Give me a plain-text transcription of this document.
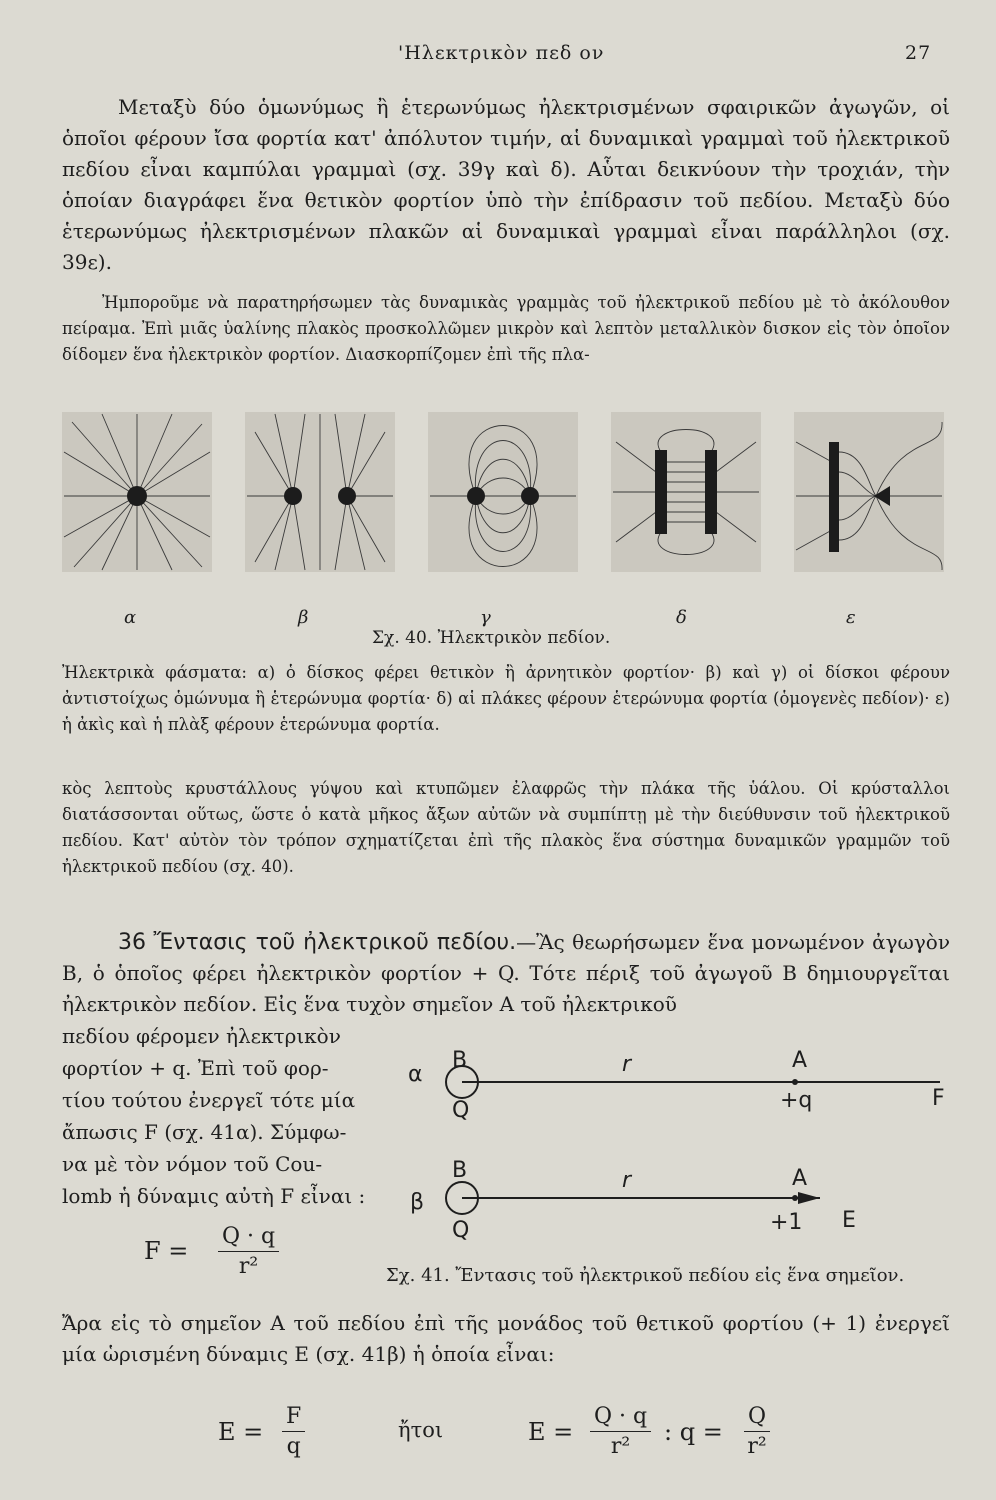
'Ηλεκτρικὸν πεδ ον	27
Μεταξὺ δύο ὁμωνύμως ἢ ἑτερωνύμως ἠλεκτρισμένων σφαιρικῶν ἀγωγῶν, οἱ ὁποῖοι φέρουν ἴσα φορτία κατ' ἀπόλυτον τιμήν, αἱ δυναμικαὶ γραμμαὶ τοῦ ἠλεκτρικοῦ πεδίου εἶναι καμπύλαι γραμμαὶ (σχ. 39γ καὶ δ). Αὗται δεικνύουν τὴν τροχιάν, τὴν ὁποίαν διαγράφει ἕνα θετικὸν φορτίον ὑπὸ τὴν ἐπίδρασιν τοῦ πεδίου. Μεταξὺ δύο ἑτερωνύμως ἠλεκτρισμένων πλακῶν αἱ δυναμικαὶ γραμμαὶ εἶναι παράλληλοι (σχ. 39ε).
Ἠμποροῦμε νὰ παρατηρήσωμεν τὰς δυναμικὰς γραμμὰς τοῦ ἠλεκτρικοῦ πεδίου μὲ τὸ ἀκόλουθον πείραμα. Ἐπὶ μιᾶς ὑαλίνης πλακὸς προσκολλῶμεν μικρὸν καὶ λεπτὸν μεταλλικὸν δισκον εἰς τὸν ὁποῖον δίδομεν ἕνα ἠλεκτρικὸν φορτίον. Διασκορπίζομεν ἐπὶ τῆς πλα-
α	β	γ	δ	ε
Σχ. 40. Ἠλεκτρικὸν πεδίον.
Ἠλεκτρικὰ φάσματα: α) ὁ δίσκος φέρει θετικὸν ἢ ἀρνητικὸν φορτίον· β) καὶ γ) οἱ δίσκοι φέρουν ἀντιστοίχως ὁμώνυμα ἢ ἑτερώνυμα φορτία· δ) αἱ πλάκες φέρουν ἑτερώνυμα φορτία (ὁμογενὲς πεδίον)· ε) ἡ ἀκὶς καὶ ἡ πλὰξ φέρουν ἑτερώνυμα φορτία.
κὸς λεπτοὺς κρυστάλλους γύψου καὶ κτυπῶμεν ἐλαφρῶς τὴν πλάκα τῆς ὑάλου. Οἱ κρύσταλλοι διατάσσονται οὕτως, ὥστε ὁ κατὰ μῆκος ἄξων αὐτῶν νὰ συμπίπτῃ μὲ τὴν διεύθυνσιν τοῦ ἠλεκτρικοῦ πεδίου. Κατ' αὐτὸν τὸν τρόπον σχηματίζεται ἐπὶ τῆς πλακὸς ἕνα σύστημα δυναμικῶν γραμμῶν τοῦ ἠλεκτρικοῦ πεδίου (σχ. 40).
36 Ἔντασις τοῦ ἠλεκτρικοῦ πεδίου.—Ἂς θεωρήσωμεν ἕνα μονωμένον ἀγωγὸν Β, ὁ ὁποῖος φέρει ἠλεκτρικὸν φορτίον + Q. Τότε πέριξ τοῦ ἀγωγοῦ Β δημιουργεῖται ἠλεκτρικὸν πεδίον. Εἰς ἕνα τυχὸν σημεῖον Α τοῦ ἠλεκτρικοῦ
πεδίου φέρομεν ἠλεκτρικὸν
φορτίον + q. Ἐπὶ τοῦ φορ-
τίου τούτου ἐνεργεῖ τότε μία
ἄπωσις F (σχ. 41α). Σύμφω-
να μὲ τὸν νόμον τοῦ Cou-
lomb ἡ δύναμις αὐτὴ F εἶναι :
$F = \frac{Q \cdot q}{\text{r²}}$
B
α
Q
r	A
+q	F
B
β
Q
r	A
+1 E
Σχ. 41. Ἔντασις τοῦ ἠλεκτρικοῦ πεδίου εἰς ἕνα σημεῖον.
Ἄρα εἰς τὸ σημεῖον Α τοῦ πεδίου ἐπὶ τῆς μονάδος τοῦ θετικοῦ φορτίου (+ 1) ἐνεργεῖ μία ὡρισμένη δύναμις Ε (σχ. 41β) ἡ ὁποία εἶναι:
$E = \frac{F}{q}$	ἤτοι	$E = \frac{Q \cdot q}{\text{r²}}$ : $q = \frac{Q}{\text{r²}}$
